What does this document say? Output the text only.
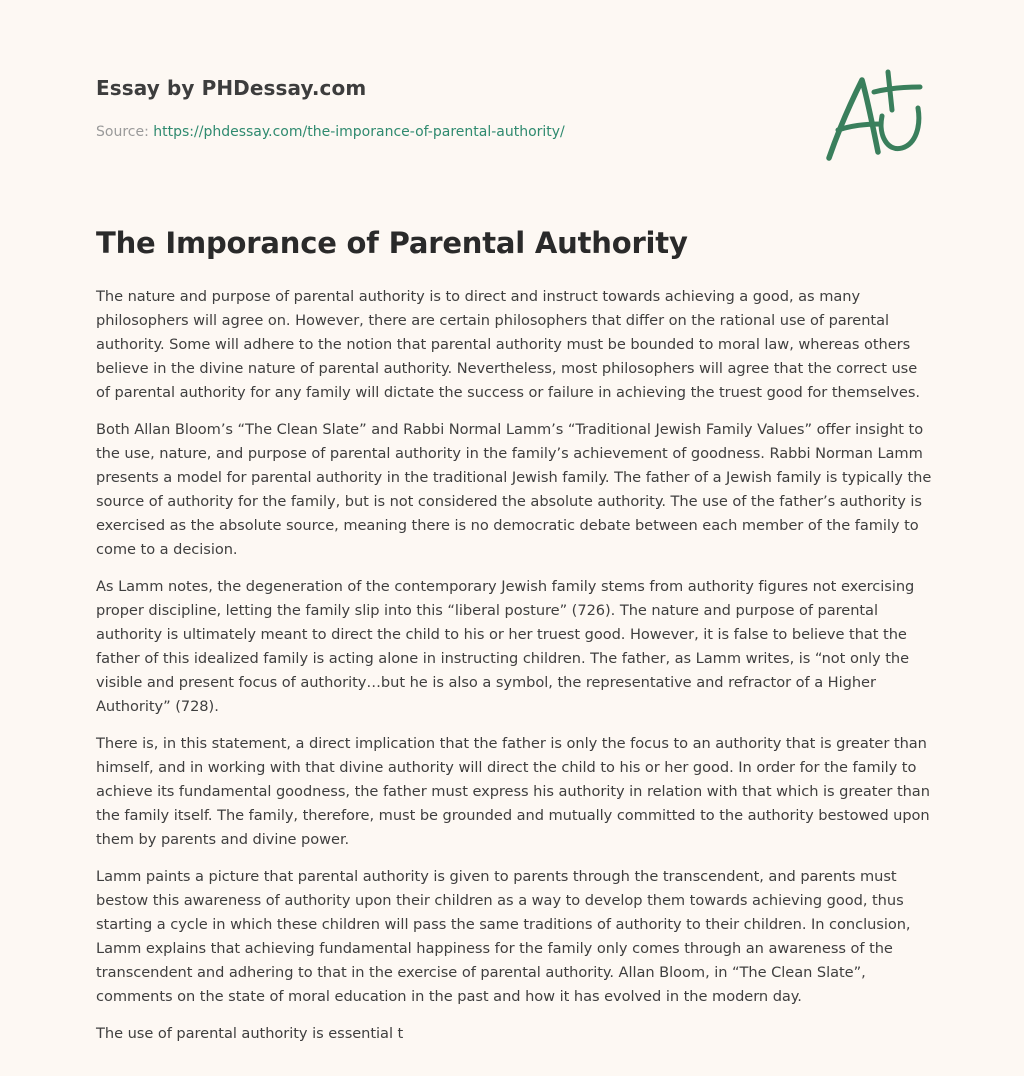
Essay by PHDessay.com
Source: https://phdessay.com/the-imporance-of-parental-authority/
The Imporance of Parental Authority

The nature and purpose of parental authority is to direct and instruct towards achieving a good, as many philosophers will agree on. However, there are certain philosophers that differ on the rational use of parental authority. Some will adhere to the notion that parental authority must be bounded to moral law, whereas others believe in the divine nature of parental authority. Nevertheless, most philosophers will agree that the correct use of parental authority for any family will dictate the success or failure in achieving the truest good for themselves.

Both Allan Bloom’s “The Clean Slate” and Rabbi Normal Lamm’s “Traditional Jewish Family Values” offer insight to the use, nature, and purpose of parental authority in the family’s achievement of goodness. Rabbi Norman Lamm presents a model for parental authority in the traditional Jewish family. The father of a Jewish family is typically the source of authority for the family, but is not considered the absolute authority. The use of the father’s authority is exercised as the absolute source, meaning there is no democratic debate between each member of the family to come to a decision.

As Lamm notes, the degeneration of the contemporary Jewish family stems from authority figures not exercising proper discipline, letting the family slip into this “liberal posture” (726). The nature and purpose of parental authority is ultimately meant to direct the child to his or her truest good. However, it is false to believe that the father of this idealized family is acting alone in instructing children. The father, as Lamm writes, is “not only the visible and present focus of authority…but he is also a symbol, the representative and refractor of a Higher Authority” (728).

There is, in this statement, a direct implication that the father is only the focus to an authority that is greater than himself, and in working with that divine authority will direct the child to his or her good. In order for the family to achieve its fundamental goodness, the father must express his authority in relation with that which is greater than the family itself. The family, therefore, must be grounded and mutually committed to the authority bestowed upon them by parents and divine power.

Lamm paints a picture that parental authority is given to parents through the transcendent, and parents must bestow this awareness of authority upon their children as a way to develop them towards achieving good, thus starting a cycle in which these children will pass the same traditions of authority to their children. In conclusion, Lamm explains that achieving fundamental happiness for the family only comes through an awareness of the transcendent and adhering to that in the exercise of parental authority. Allan Bloom, in “The Clean Slate”, comments on the state of moral education in the past and how it has evolved in the modern day.

The use of parental authority is essential t
